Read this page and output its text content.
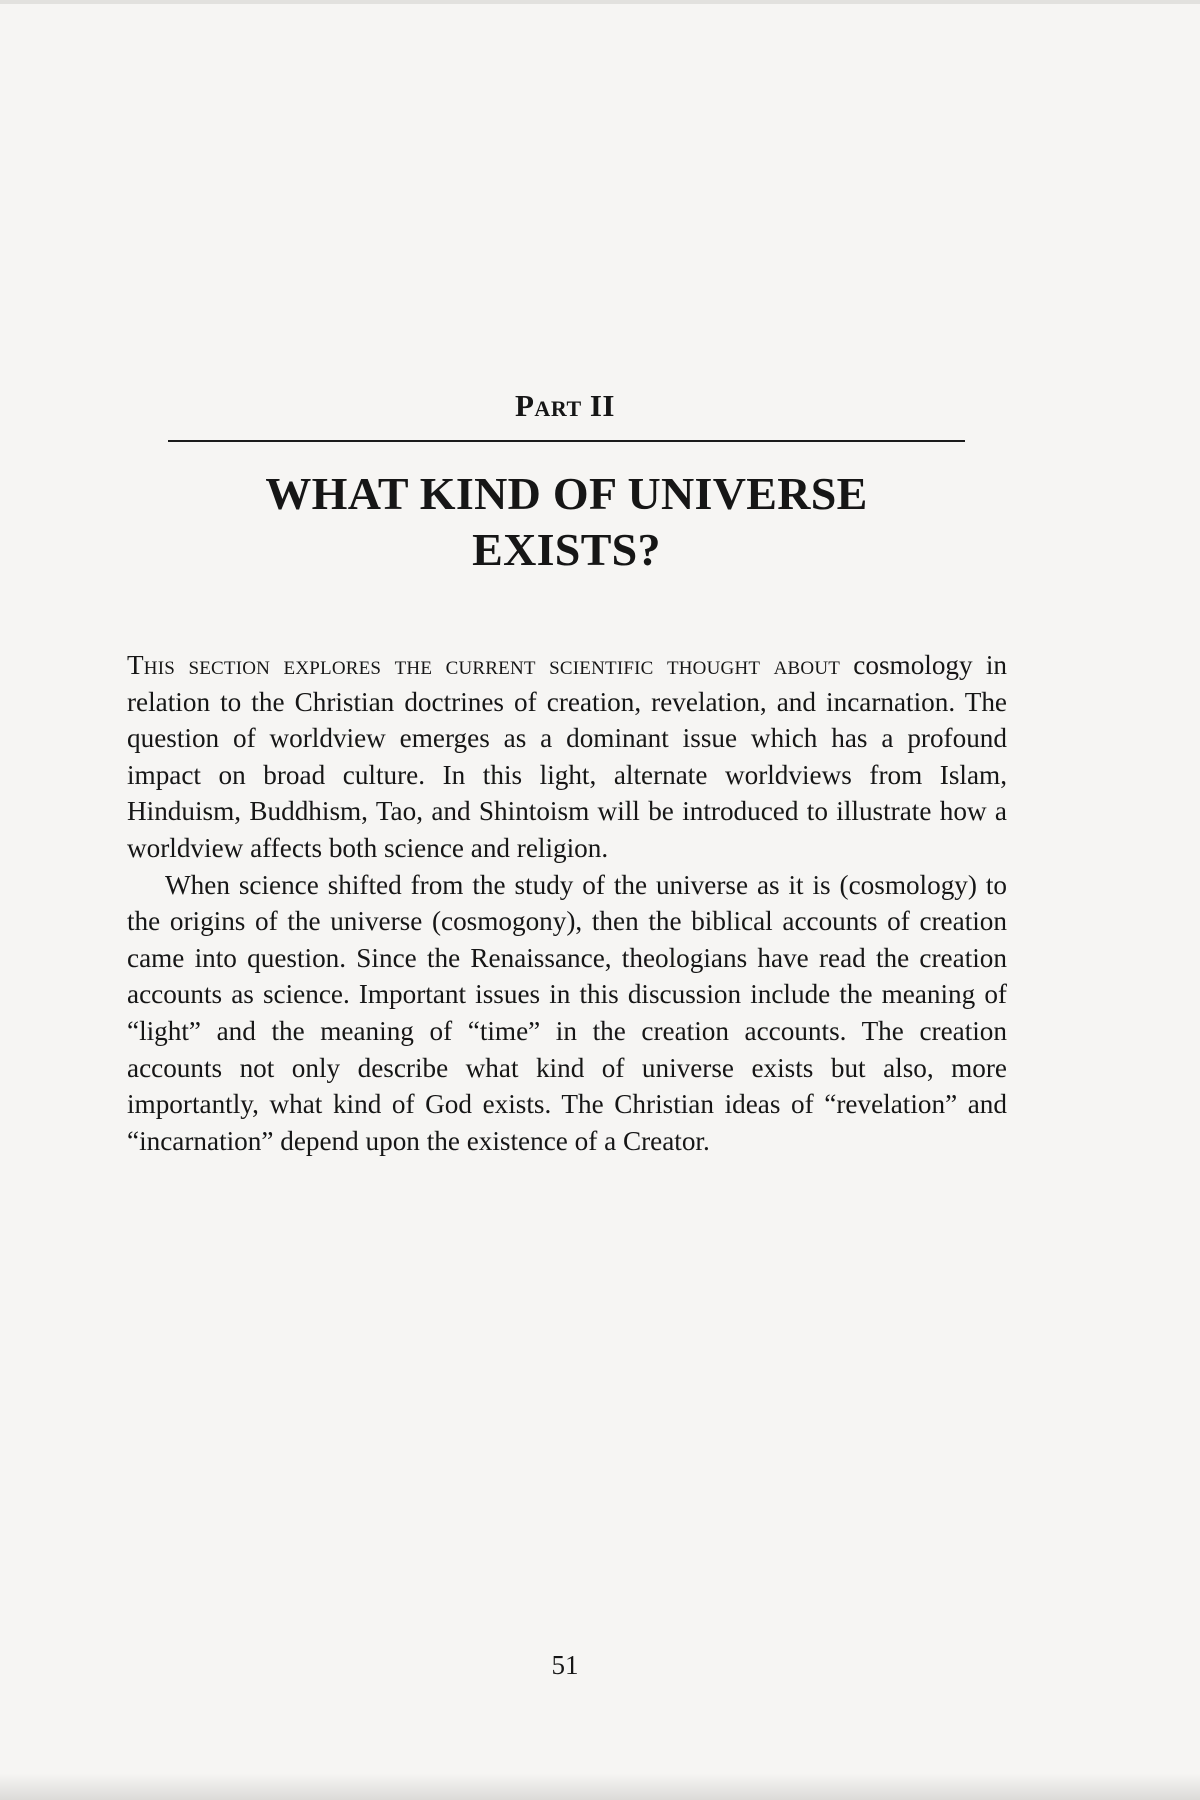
Part II
WHAT KIND OF UNIVERSE EXISTS?

This section explores the current scientific thought about cosmology in relation to the Christian doctrines of creation, revelation, and incarnation. The question of worldview emerges as a dominant issue which has a profound impact on broad culture. In this light, alternate worldviews from Islam, Hinduism, Buddhism, Tao, and Shintoism will be introduced to illustrate how a worldview affects both science and religion.

When science shifted from the study of the universe as it is (cosmology) to the origins of the universe (cosmogony), then the biblical accounts of creation came into question. Since the Renaissance, theologians have read the creation accounts as science. Important issues in this discussion include the meaning of “light” and the meaning of “time” in the creation accounts. The creation accounts not only describe what kind of universe exists but also, more importantly, what kind of God exists. The Christian ideas of “revelation” and “incarnation” depend upon the existence of a Creator.

51
